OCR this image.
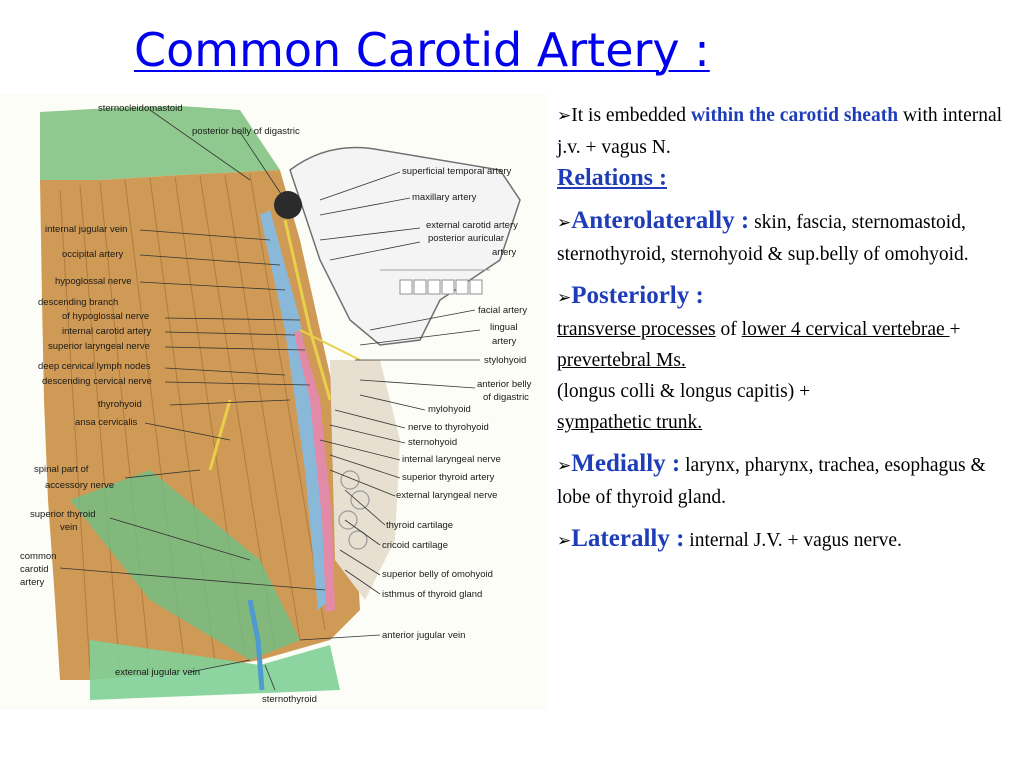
Common Carotid Artery :
sternocleidomastoid
posterior belly of digastric
internal jugular vein
occipital artery
hypoglossal nerve
descending branch
of hypoglossal nerve
internal carotid artery
superior laryngeal nerve
deep cervical lymph nodes
descending cervical nerve
thyrohyoid
ansa cervicalis
spinal part of
accessory nerve
superior thyroid
vein
common
carotid
artery
superficial temporal artery
maxillary artery
external carotid artery
posterior auricular
artery
facial artery
lingual
artery
stylohyoid
anterior belly
of digastric
mylohyoid
nerve to thyrohyoid
sternohyoid
internal laryngeal nerve
superior thyroid artery
external laryngeal nerve
thyroid cartilage
cricoid cartilage
superior belly of omohyoid
isthmus of thyroid gland
anterior jugular vein
external jugular vein
sternothyroid

➢It is embedded within the carotid sheath with internal j.v. + vagus N.

Relations :

➢Anterolaterally : skin, fascia, sternomastoid, sternothyroid, sternohyoid & sup.belly of omohyoid.

➢Posteriorly :
transverse processes of lower 4 cervical vertebrae + prevertebral Ms.
(longus colli & longus capitis) +
sympathetic trunk.

➢Medially : larynx, pharynx, trachea, esophagus & lobe of thyroid gland.

➢Laterally : internal J.V. + vagus nerve.
